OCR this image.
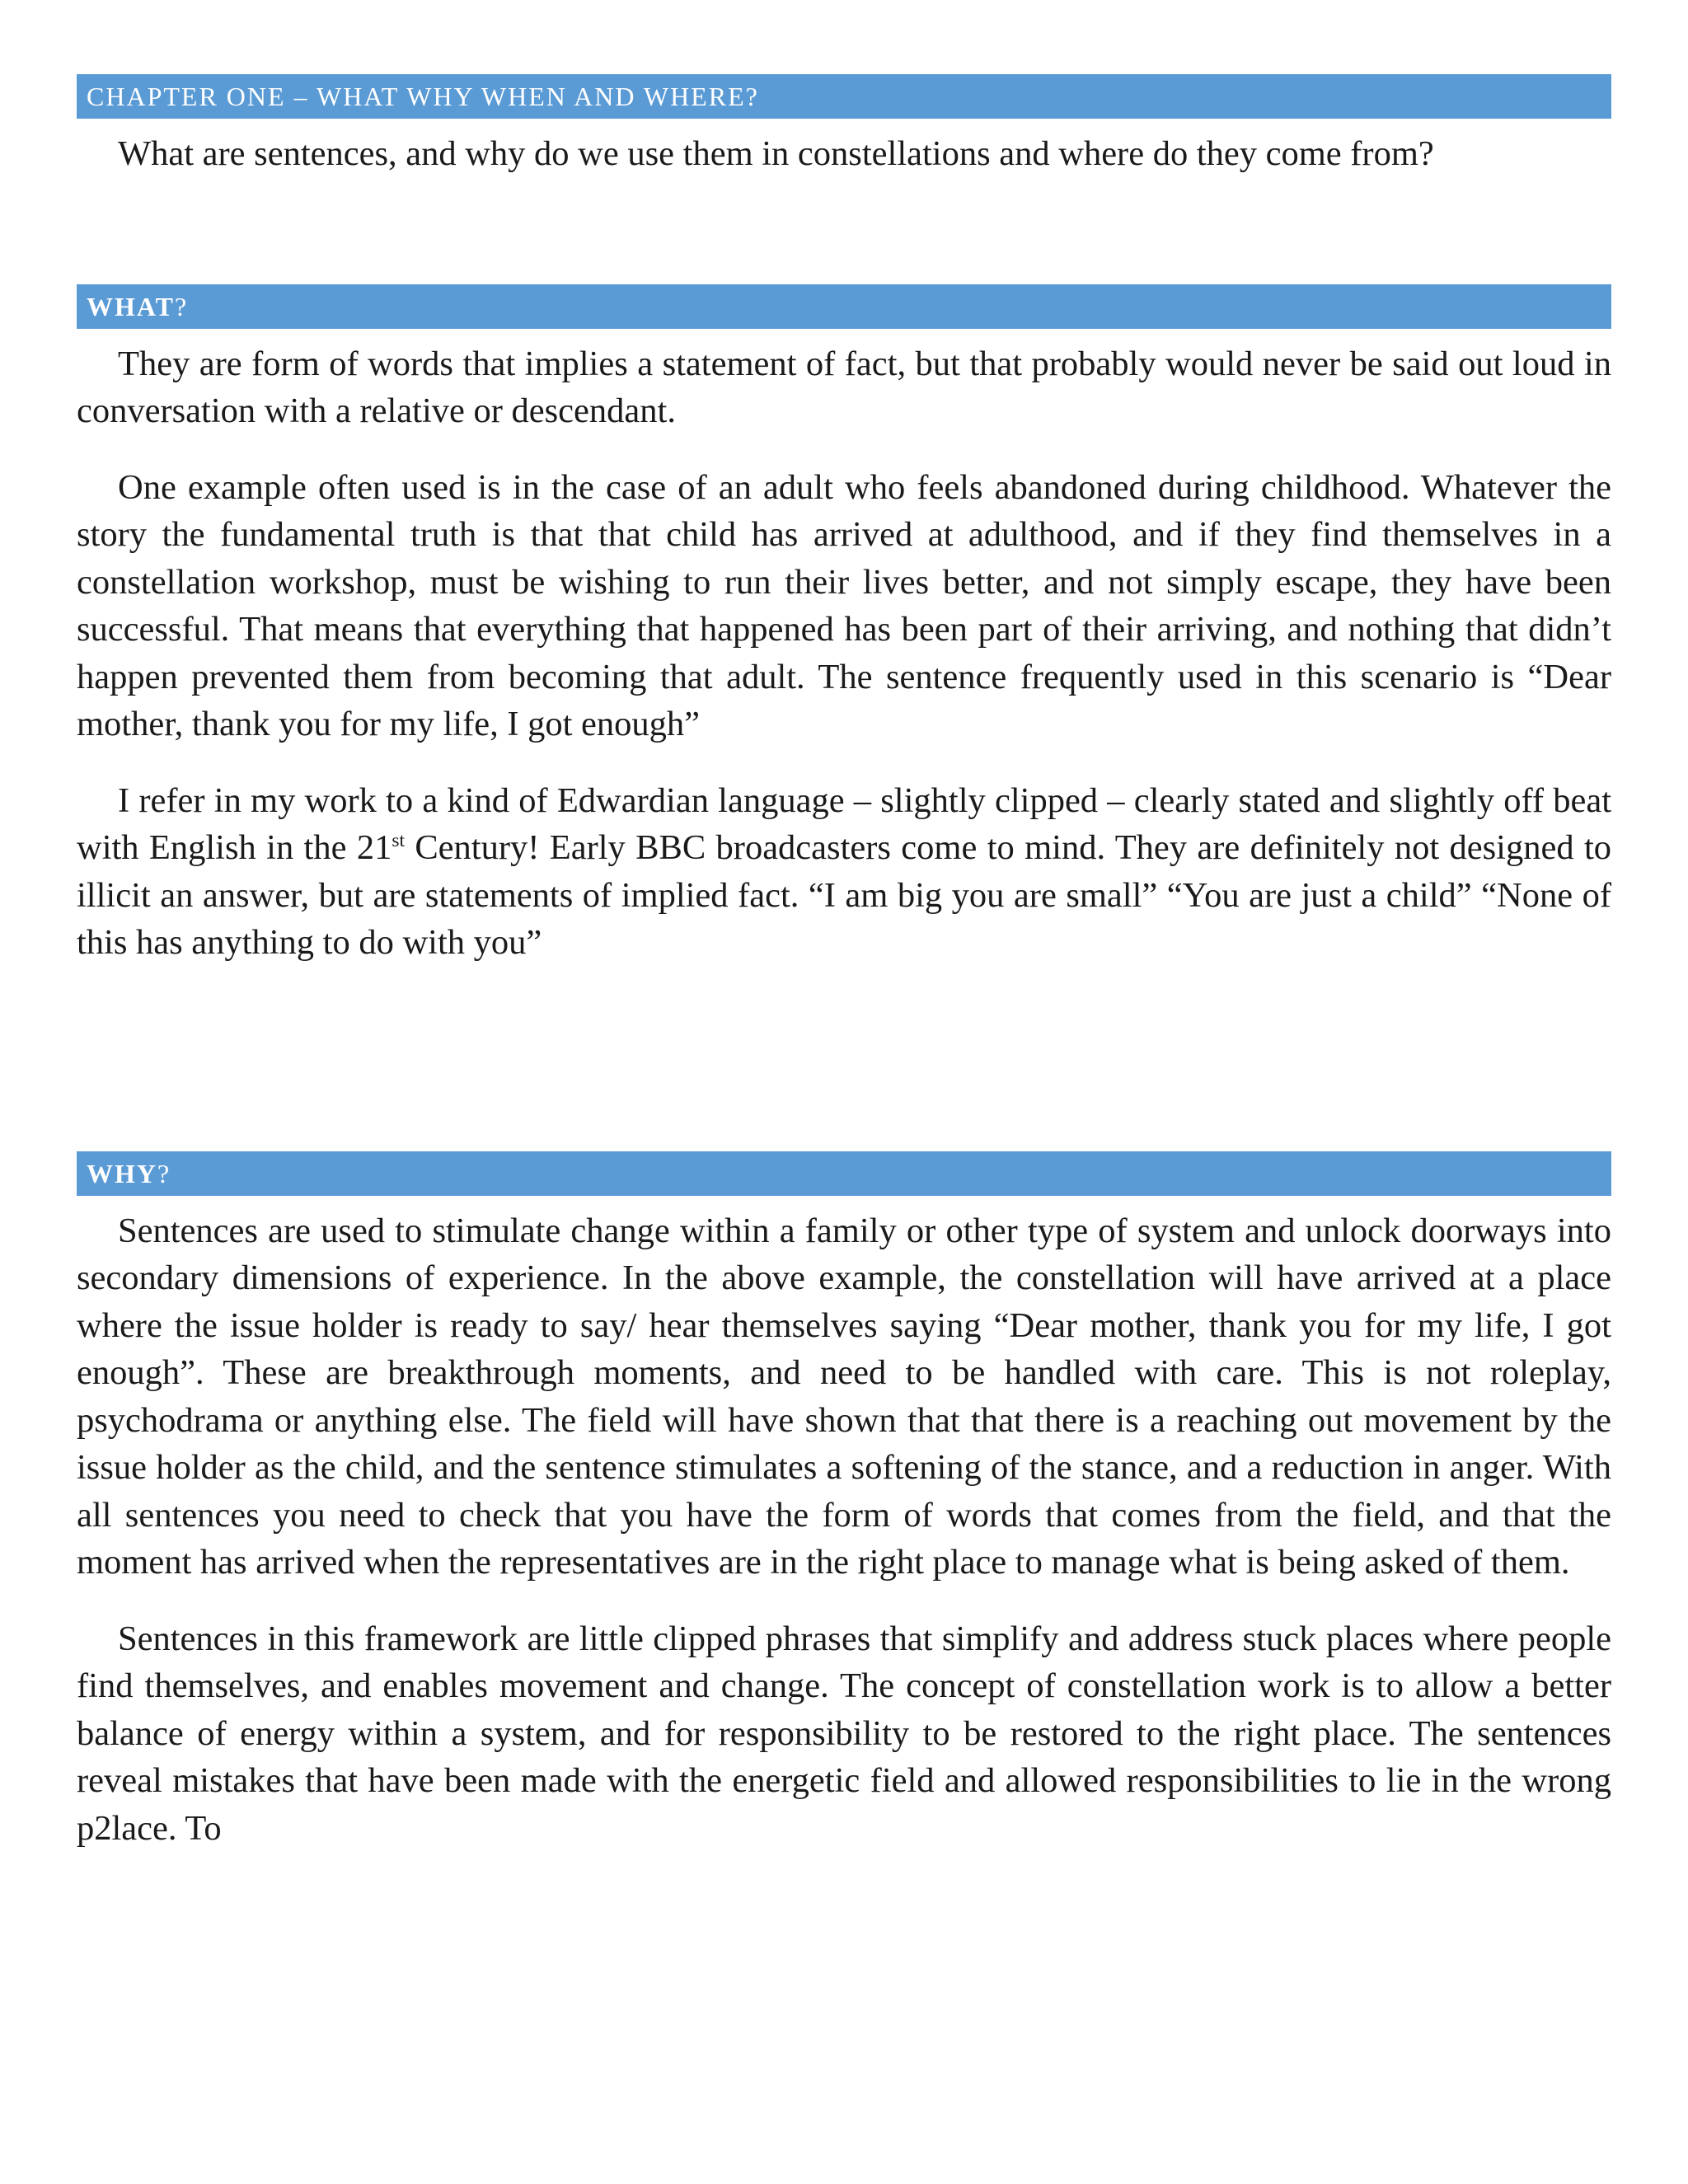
CHAPTER ONE – WHAT WHY WHEN AND WHERE?

What are sentences, and why do we use them in constellations and where do they come from?

WHAT?

They are form of words that implies a statement of fact, but that probably would never be said out loud in conversation with a relative or descendant.

One example often used is in the case of an adult who feels abandoned during childhood. Whatever the story the fundamental truth is that that child has arrived at adulthood, and if they find themselves in a constellation workshop, must be wishing to run their lives better, and not simply escape, they have been successful. That means that everything that happened has been part of their arriving, and nothing that didn’t happen prevented them from becoming that adult. The sentence frequently used in this scenario is “Dear mother, thank you for my life, I got enough”

I refer in my work to a kind of Edwardian language – slightly clipped – clearly stated and slightly off beat with English in the 21st Century! Early BBC broadcasters come to mind. They are definitely not designed to illicit an answer, but are statements of implied fact. “I am big you are small” “You are just a child” “None of this has anything to do with you”

WHY?

Sentences are used to stimulate change within a family or other type of system and unlock doorways into secondary dimensions of experience. In the above example, the constellation will have arrived at a place where the issue holder is ready to say/ hear themselves saying “Dear mother, thank you for my life, I got enough”. These are breakthrough moments, and need to be handled with care. This is not roleplay, psychodrama or anything else. The field will have shown that that there is a reaching out movement by the issue holder as the child, and the sentence stimulates a softening of the stance, and a reduction in anger. With all sentences you need to check that you have the form of words that comes from the field, and that the moment has arrived when the representatives are in the right place to manage what is being asked of them.

Sentences in this framework are little clipped phrases that simplify and address stuck places where people find themselves, and enables movement and change. The concept of constellation work is to allow a better balance of energy within a system, and for responsibility to be restored to the right place. The sentences reveal mistakes that have been made with the energetic field and allowed responsibilities to lie in the wrong p2lace. To
